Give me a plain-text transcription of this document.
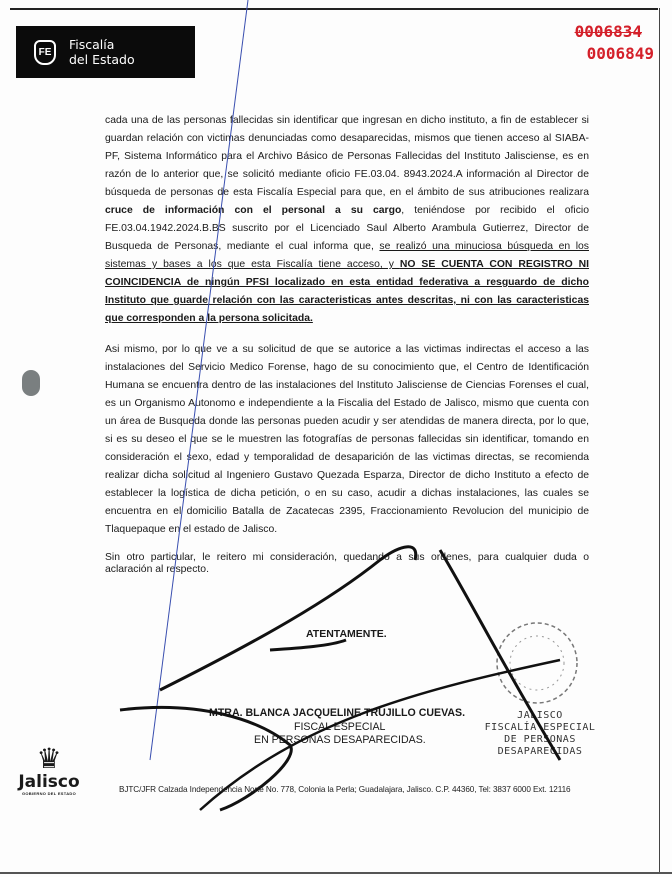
FE	Fiscalía
del Estado
0006834
0006849

cada una de las personas fallecidas sin identificar que ingresan en dicho instituto, a fin de establecer si guardan relación con victimas denunciadas como desaparecidas, mismos que tienen acceso al SIABA-PF, Sistema Informático para el Archivo Básico de Personas Fallecidas del Instituto Jalisciense, es en razón de lo anterior que, se solicitó mediante oficio FE.03.04. 8943.2024.A información al Director de búsqueda de personas de esta Fiscalía Especial para que, en el ámbito de sus atribuciones realizara cruce de información con el personal a su cargo, teniéndose por recibido el oficio FE.03.04.1942.2024.B.BS suscrito por el Licenciado Saul Alberto Arambula Gutierrez, Director de Busqueda de Personas, mediante el cual informa que, se realizó una minuciosa búsqueda en los sistemas y bases a los que esta Fiscalía tiene acceso, y NO SE CUENTA CON REGISTRO NI COINCIDENCIA de ningún PFSI localizado en esta entidad federativa a resguardo de dicho Instituto que guarde relación con las caracteristicas antes descritas, ni con las caracteristicas que corresponden a la persona solicitada.

Asi mismo, por lo que ve a su solicitud de que se autorice a las victimas indirectas el acceso a las instalaciones del Servicio Medico Forense, hago de su conocimiento que, el Centro de Identificación Humana se encuentra dentro de las instalaciones del Instituto Jalisciense de Ciencias Forenses el cual, es un Organismo Autonomo e independiente a la Fiscalia del Estado de Jalisco, mismo que cuenta con un área de Busqueda donde las personas pueden acudir y ser atendidas de manera directa, por lo que, si es su deseo el que se le muestren las fotografías de personas fallecidas sin identificar, tomando en consideración el sexo, edad y temporalidad de desaparición de las victimas directas, se recomienda realizar dicha solicitud al Ingeniero Gustavo Quezada Esparza, Director de dicho Instituto a efecto de establecer la logística de dicha petición, o en su caso, acudir a dichas instalaciones, las cuales se encuentra en el domicilio Batalla de Zacatecas 2395, Fraccionamiento Revolucion del municipio de Tlaquepaque en el estado de Jalisco.

Sin otro particular, le reitero mi consideración, quedando a sus ordenes, para cualquier duda o aclaración al respecto.

ATENTAMENTE.
MTRA. BLANCA JACQUELINE TRUJILLO CUEVAS.
FISCAL ESPECIAL
EN PERSONAS DESAPARECIDAS.
JALISCO
FISCALÍA ESPECIAL
DE PERSONAS
DESAPARECIDAS
♛
Jalisco
GOBIERNO DEL ESTADO	BJTC/JFR Calzada Independencia Norte No. 778, Colonia la Perla; Guadalajara, Jalisco. C.P. 44360, Tel: 3837 6000 Ext. 12116
